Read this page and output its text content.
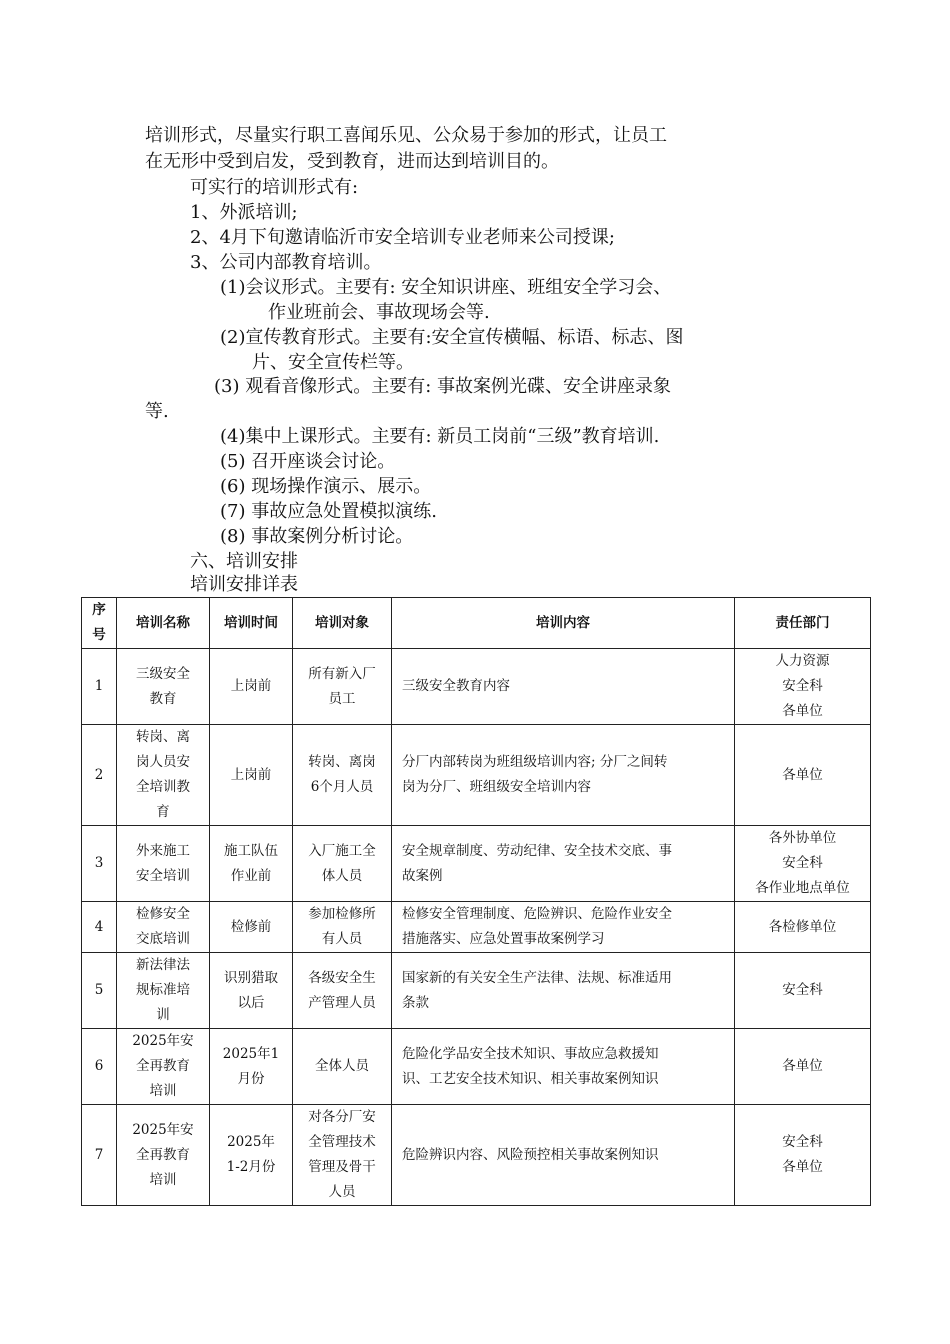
培训形式，尽量实行职工喜闻乐见、公众易于参加的形式，让员工
在无形中受到启发，受到教育，进而达到培训目的。
可实行的培训形式有:
1、外派培训;
2、4月下旬邀请临沂市安全培训专业老师来公司授课;
3、公司内部教育培训。
(1)会议形式。主要有: 安全知识讲座、班组安全学习会、
作业班前会、事故现场会等.
(2)宣传教育形式。主要有:安全宣传横幅、标语、标志、图
片、安全宣传栏等。
(3) 观看音像形式。主要有: 事故案例光碟、安全讲座录象
等.
(4)集中上课形式。主要有: 新员工岗前“三级”教育培训.
(5) 召开座谈会讨论。
(6) 现场操作演示、展示。
(7) 事故应急处置模拟演练.
(8) 事故案例分析讨论。
六、培训安排
培训安排详表
序
号	培训名称	培训时间	培训对象	培训内容	责任部门
1	三级安全
教育	上岗前	所有新入厂
员工	三级安全教育内容	人力资源
安全科
各单位

2	转岗、离
岗人员安
全培训教
育	上岗前	转岗、离岗
6个月人员	分厂内部转岗为班组级培训内容; 分厂之间转
岗为分厂、班组级安全培训内容	各单位

3	外来施工
安全培训	施工队伍
作业前	入厂施工全
体人员	安全规章制度、劳动纪律、安全技术交底、事
故案例	各外协单位
安全科
各作业地点单位

4	检修安全
交底培训	检修前	参加检修所
有人员	检修安全管理制度、危险辨识、危险作业安全
措施落实、应急处置事故案例学习	各检修单位

5	新法律法
规标准培
训	识别猎取
以后	各级安全生
产管理人员	国家新的有关安全生产法律、法规、标准适用
条款	安全科

6	2025年安
全再教育
培训	2025年1
月份	全体人员	危险化学品安全技术知识、事故应急救援知
识、工艺安全技术知识、相关事故案例知识	各单位

7	2025年安
全再教育
培训	2025年
1-2月份	对各分厂安
全管理技术
管理及骨干
人员	危险辨识内容、风险预控相关事故案例知识	安全科
各单位
